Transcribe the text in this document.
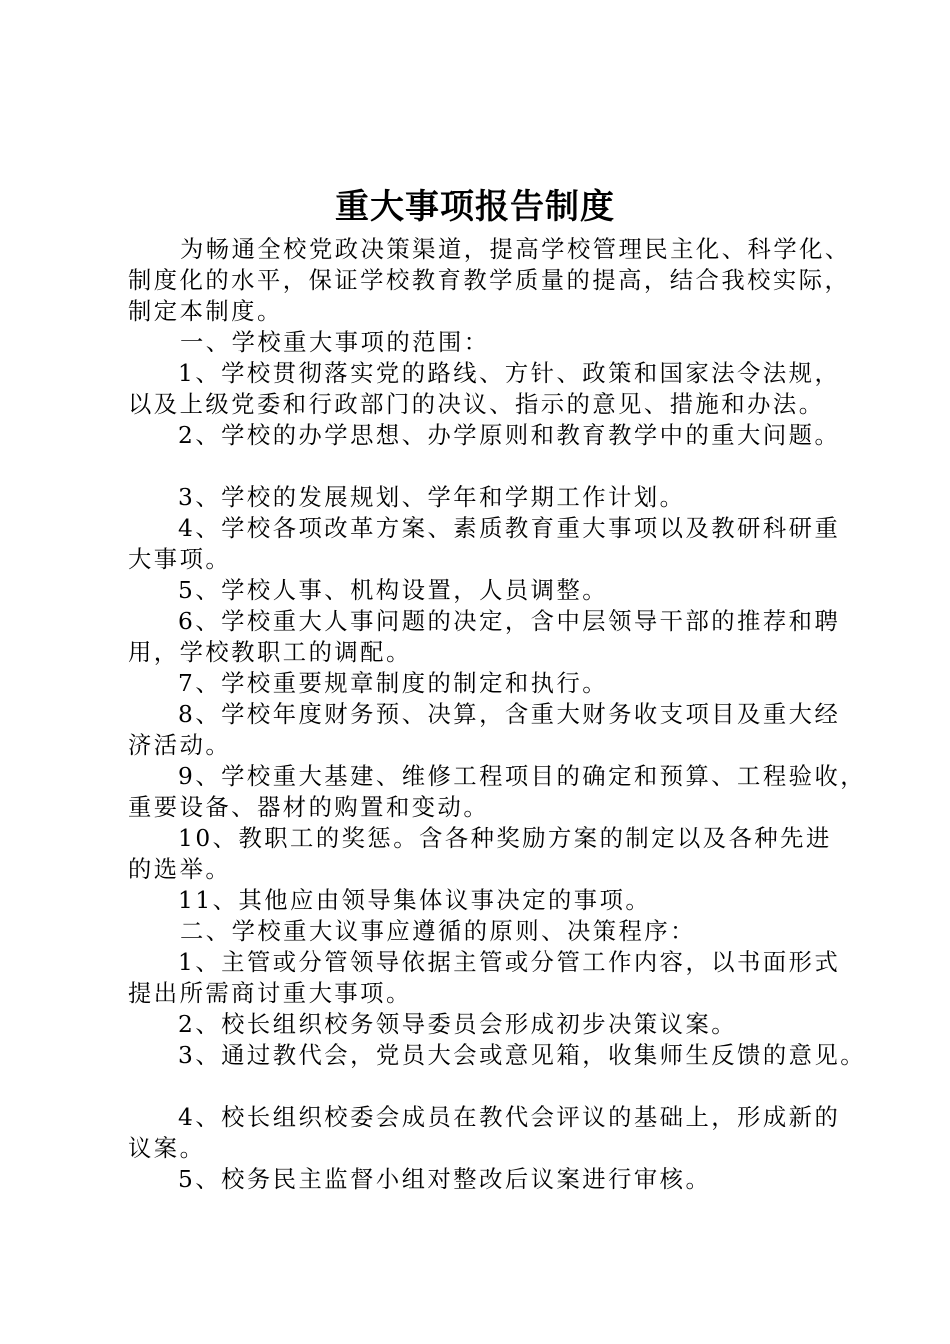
重大事项报告制度

为畅通全校党政决策渠道，提高学校管理民主化、科学化、

制度化的水平，保证学校教育教学质量的提高，结合我校实际，

制定本制度。

一、学校重大事项的范围：

1、学校贯彻落实党的路线、方针、政策和国家法令法规，

以及上级党委和行政部门的决议、指示的意见、措施和办法。

2、学校的办学思想、办学原则和教育教学中的重大问题。

3、学校的发展规划、学年和学期工作计划。

4、学校各项改革方案、素质教育重大事项以及教研科研重

大事项。

5、学校人事、机构设置，人员调整。

6、学校重大人事问题的决定，含中层领导干部的推荐和聘

用，学校教职工的调配。

7、学校重要规章制度的制定和执行。

8、学校年度财务预、决算，含重大财务收支项目及重大经

济活动。

9、学校重大基建、维修工程项目的确定和预算、工程验收，

重要设备、器材的购置和变动。

10、教职工的奖惩。含各种奖励方案的制定以及各种先进

的选举。

11、其他应由领导集体议事决定的事项。

二、学校重大议事应遵循的原则、决策程序：

1、主管或分管领导依据主管或分管工作内容，以书面形式

提出所需商讨重大事项。

2、校长组织校务领导委员会形成初步决策议案。

3、通过教代会，党员大会或意见箱，收集师生反馈的意见。

4、校长组织校委会成员在教代会评议的基础上，形成新的

议案。

5、校务民主监督小组对整改后议案进行审核。
